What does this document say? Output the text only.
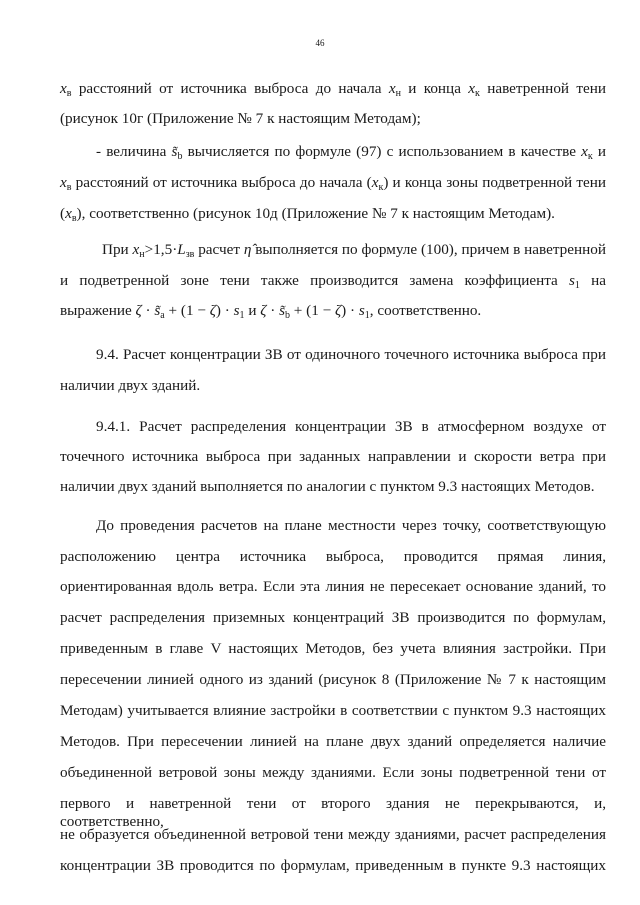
46
$x_в$ расстояний от источника выброса до начала $x_н$ и конца $x_к$ наветренной тени
(рисунок 10г (Приложение № 7 к настоящим Методам);
- величина $s̃_b$ вычисляется по формуле (97) с использованием в качестве $x_к$ и
$x_в$ расстояний от источника выброса до начала $(x_к)$ и конца зоны подветренной тени
$(x_в)$, соответственно (рисунок 10д (Приложение № 7 к настоящим Методам).
При $x_н>1,5\cdot L_{зв}$ расчет η̂ выполняется по формуле (100), причем в наветренной
и подветренной зоне тени также производится замена коэффициента $s_1$ на
выражение $\zeta \cdot s̃_a + (1 - \zeta) \cdot s_1$ и $\zeta \cdot s̃_b + (1 - \zeta) \cdot s_1$, соответственно.
9.4. Расчет концентрации ЗВ от одиночного точечного источника выброса при
наличии двух зданий.
9.4.1. Расчет распределения концентрации ЗВ в атмосферном воздухе от
точечного источника выброса при заданных направлении и скорости ветра при
наличии двух зданий выполняется по аналогии с пунктом 9.3 настоящих Методов.
До проведения расчетов на плане местности через точку, соответствующую
расположению центра источника выброса, проводится прямая линия,
ориентированная вдоль ветра. Если эта линия не пересекает основание зданий, то
расчет распределения приземных концентраций ЗВ производится по формулам,
приведенным в главе V настоящих Методов, без учета влияния застройки. При
пересечении линией одного из зданий (рисунок 8 (Приложение № 7 к настоящим
Методам) учитывается влияние застройки в соответствии с пунктом 9.3 настоящих
Методов. При пересечении линией на плане двух зданий определяется наличие
объединенной ветровой зоны между зданиями. Если зоны подветренной тени от
первого и наветренной тени от второго здания не перекрываются, и, соответственно,
не образуется объединенной ветровой тени между зданиями, расчет распределения
концентрации ЗВ проводится по формулам, приведенным в пункте 9.3 настоящих
